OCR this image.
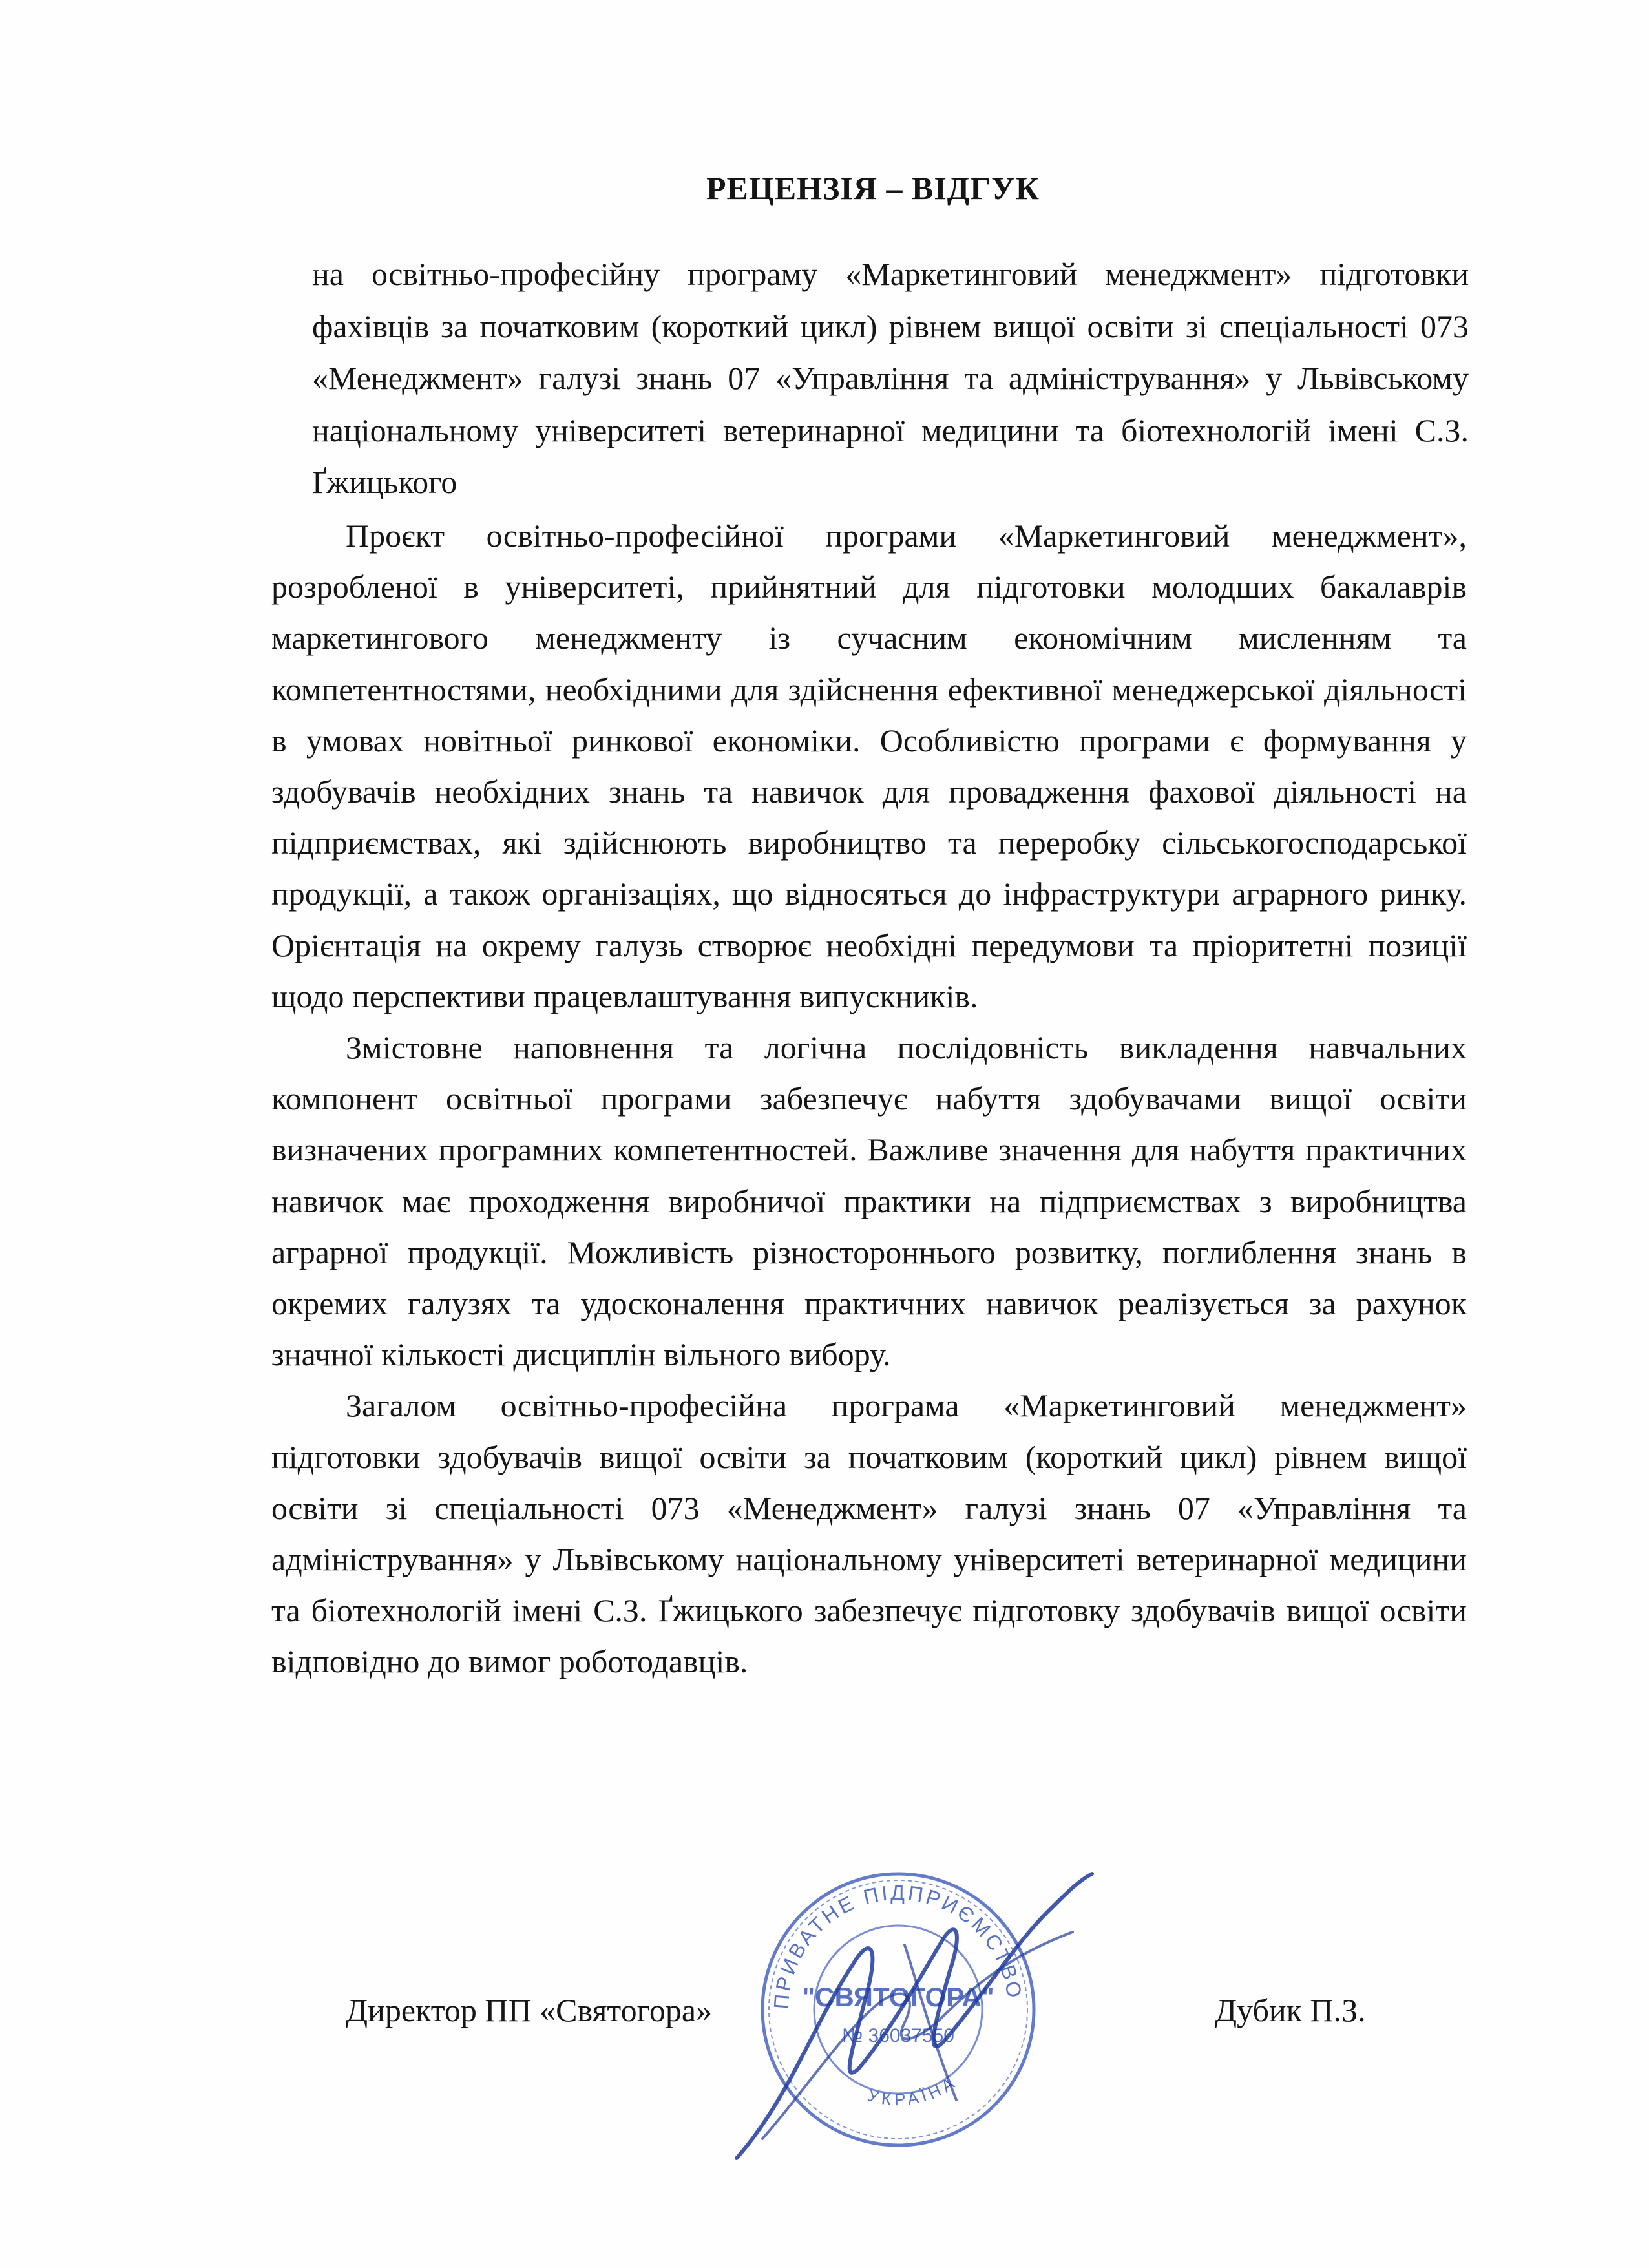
РЕЦЕНЗІЯ – ВІДГУК
на освітньо-професійну програму «Маркетинговий менеджмент» підготовки фахівців за початковим (короткий цикл) рівнем вищої освіти зі спеціальності 073 «Менеджмент» галузі знань 07 «Управління та адміністрування» у Львівському національному університеті ветеринарної медицини та біотехнологій імені С.З. Ґжицького

Проєкт освітньо-професійної програми «Маркетинговий менеджмент», розробленої в університеті, прийнятний для підготовки молодших бакалаврів маркетингового менеджменту із сучасним економічним мисленням та компетентностями, необхідними для здійснення ефективної менеджерської діяльності в умовах новітньої ринкової економіки. Особливістю програми є формування у здобувачів необхідних знань та навичок для провадження фахової діяльності на підприємствах, які здійснюють виробництво та переробку сільськогосподарської продукції, а також організаціях, що відносяться до інфраструктури аграрного ринку. Орієнтація на окрему галузь створює необхідні передумови та пріоритетні позиції щодо перспективи працевлаштування випускників.

Змістовне наповнення та логічна послідовність викладення навчальних компонент освітньої програми забезпечує набуття здобувачами вищої освіти визначених програмних компетентностей. Важливе значення для набуття практичних навичок має проходження виробничої практики на підприємствах з виробництва аграрної продукції. Можливість різностороннього розвитку, поглиблення знань в окремих галузях та удосконалення практичних навичок реалізується за рахунок значної кількості дисциплін вільного вибору.

Загалом освітньо-професійна програма «Маркетинговий менеджмент» підготовки здобувачів вищої освіти за початковим (короткий цикл) рівнем вищої освіти зі спеціальності 073 «Менеджмент» галузі знань 07 «Управління та адміністрування» у Львівському національному університеті ветеринарної медицини та біотехнологій імені С.З. Ґжицького забезпечує підготовку здобувачів вищої освіти відповідно до вимог роботодавців.

Директор ПП «Святогора»	Дубик П.З.
ПРИВАТНЕ ПІДПРИЄМСТВО
УКРАЇНА
"СВЯТОГОРА"
№ 36037550
